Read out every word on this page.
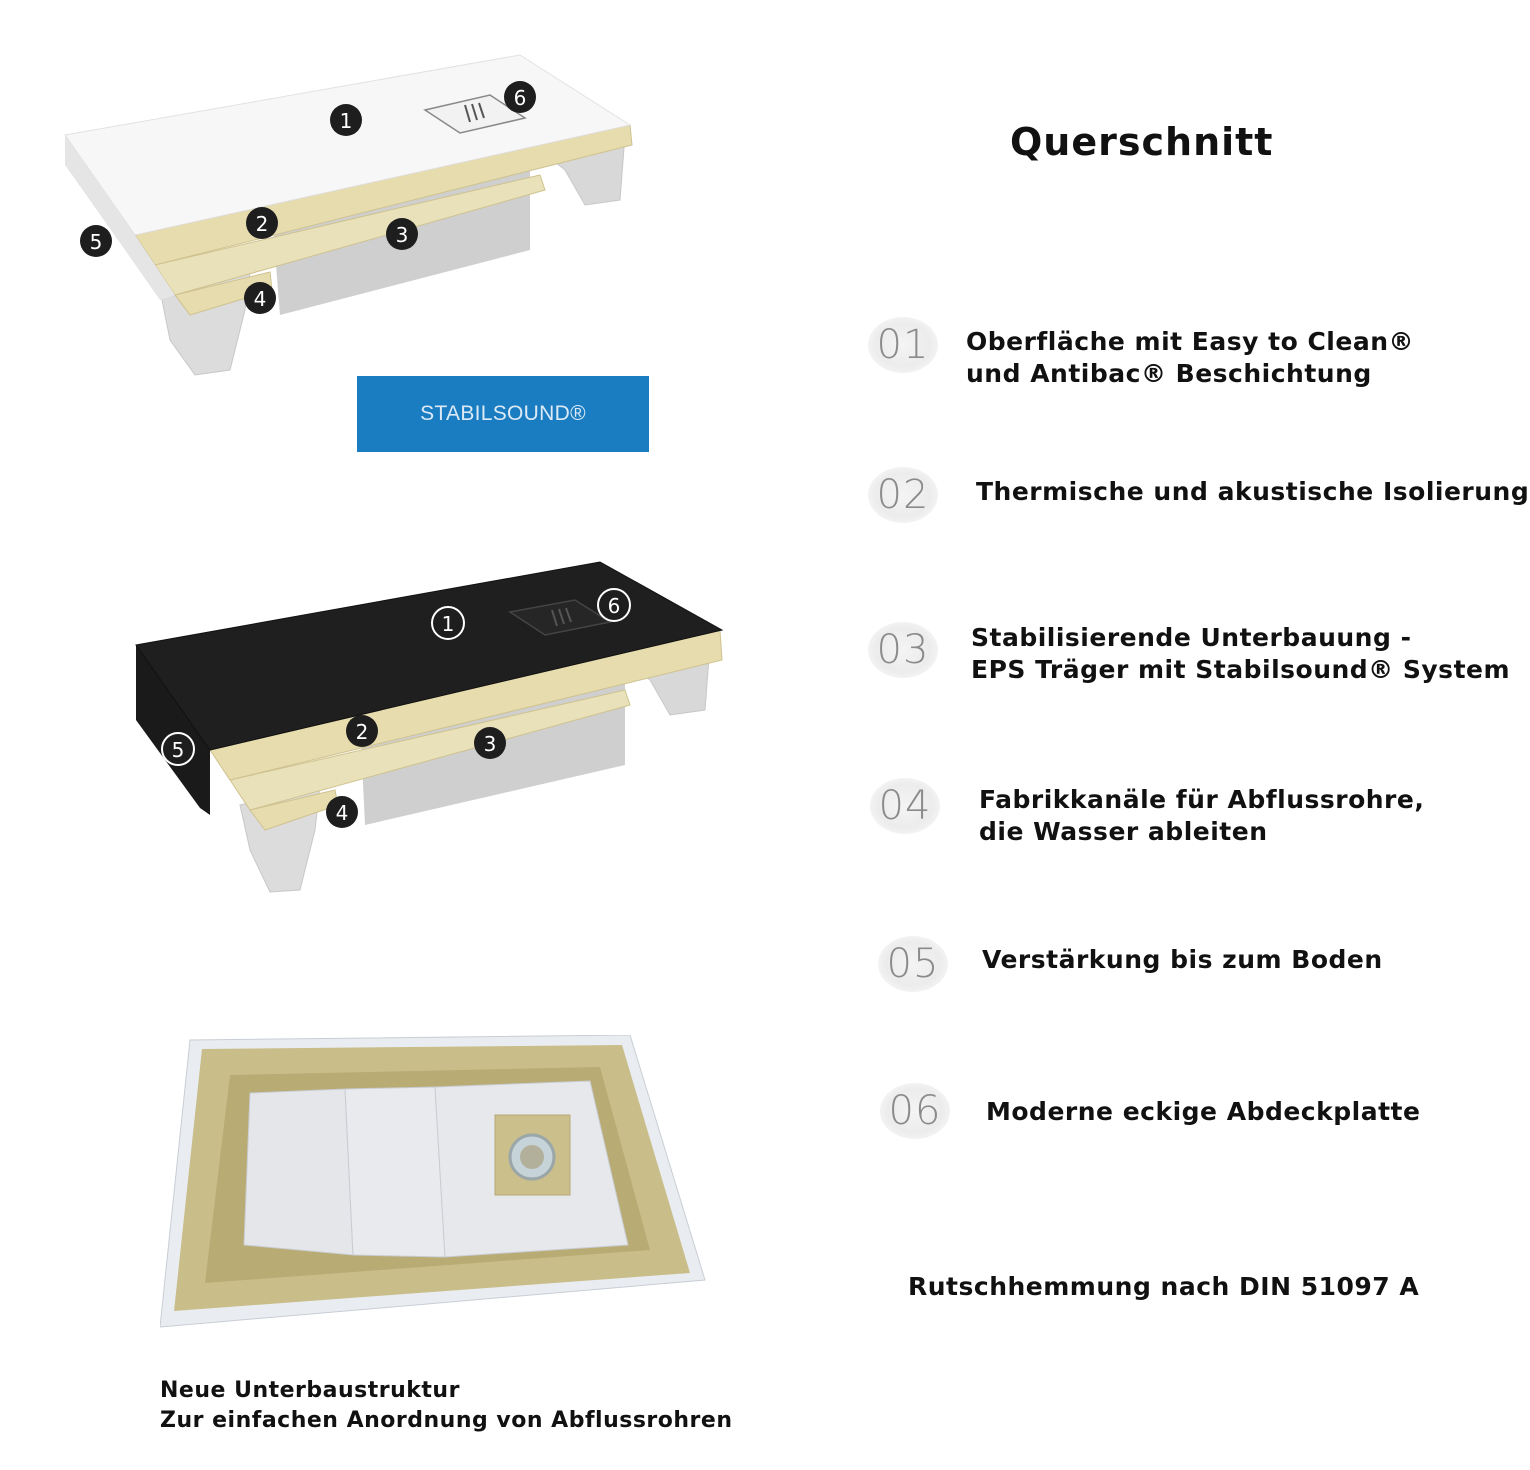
1
6
2	3
5
4
STABILSOUND®
1
6
2	3
5
4
Querschnitt
01	Oberfläche mit Easy to Clean®
und Antibac® Beschichtung
02	Thermische und akustische Isolierung
03	Stabilisierende Unterbauung -
EPS Träger mit Stabilsound® System
04	Fabrikkanäle für Abflussrohre,
die Wasser ableiten
05	Verstärkung bis zum Boden
06	Moderne eckige Abdeckplatte
Rutschhemmung nach DIN 51097 A
Neue Unterbaustruktur
Zur einfachen Anordnung von Abflussrohren
